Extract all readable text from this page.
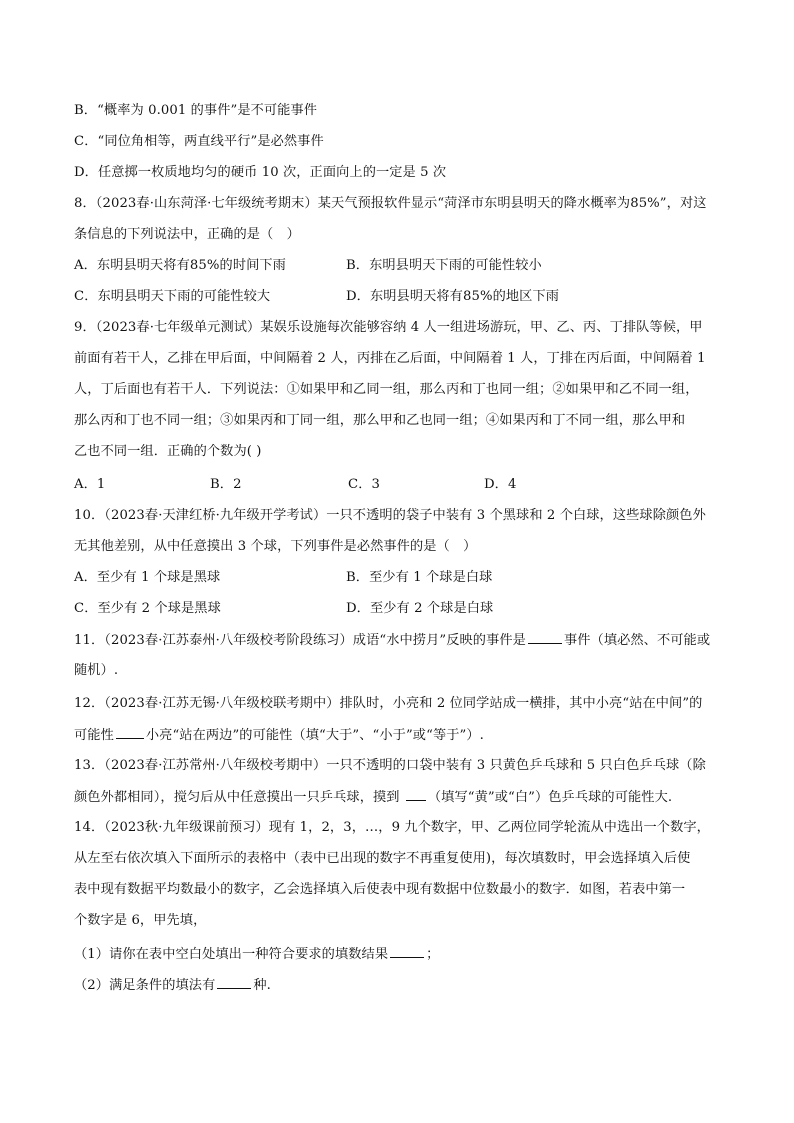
B．“概率为 0.001 的事件”是不可能事件
C．“同位角相等，两直线平行”是必然事件
D．任意掷一枚质地均匀的硬币 10 次，正面向上的一定是 5 次
8．（2023春·山东菏泽·七年级统考期末）某天气预报软件显示“菏泽市东明县明天的降水概率为85%”，对这
条信息的下列说法中，正确的是（　）
A．东明县明天将有85%的时间下雨	B．东明县明天下雨的可能性较小
C．东明县明天下雨的可能性较大	D．东明县明天将有85%的地区下雨
9．（2023春·七年级单元测试）某娱乐设施每次能够容纳 4 人一组进场游玩，甲、乙、丙、丁排队等候，甲
前面有若干人，乙排在甲后面，中间隔着 2 人，丙排在乙后面，中间隔着 1 人，丁排在丙后面，中间隔着 1
人，丁后面也有若干人．下列说法：①如果甲和乙同一组，那么丙和丁也同一组；②如果甲和乙不同一组，
那么丙和丁也不同一组；③如果丙和丁同一组，那么甲和乙也同一组；④如果丙和丁不同一组，那么甲和
乙也不同一组．正确的个数为( )
A．1	B．2	C．3	D．4
10．（2023春·天津红桥·九年级开学考试）一只不透明的袋子中装有 3 个黑球和 2 个白球，这些球除颜色外
无其他差别，从中任意摸出 3 个球，下列事件是必然事件的是（　）
A．至少有 1 个球是黑球	B．至少有 1 个球是白球
C．至少有 2 个球是黑球	D．至少有 2 个球是白球
11．（2023春·江苏泰州·八年级校考阶段练习）成语“水中捞月”反映的事件是	事件（填必然、不可能或
随机）.
12．（2023春·江苏无锡·八年级校联考期中）排队时，小亮和 2 位同学站成一横排，其中小亮“站在中间”的
可能性 小亮“站在两边”的可能性（填“大于”、“小于”或“等于”）.
13．（2023春·江苏常州·八年级校考期中）一只不透明的口袋中装有 3 只黄色乒乓球和 5 只白色乒乓球（除
颜色外都相同），搅匀后从中任意摸出一只乒乓球，摸到 （填写“黄”或“白”）色乒乓球的可能性大.
14．（2023秋·九年级课前预习）现有 1，2，3，…，9 九个数字，甲、乙两位同学轮流从中选出一个数字，
从左至右依次填入下面所示的表格中（表中已出现的数字不再重复使用)，每次填数时，甲会选择填入后使
表中现有数据平均数最小的数字，乙会选择填入后使表中现有数据中位数最小的数字．如图，若表中第一
个数字是 6，甲先填，
（1）请你在表中空白处填出一种符合要求的填数结果	；
（2）满足条件的填法有	种.
